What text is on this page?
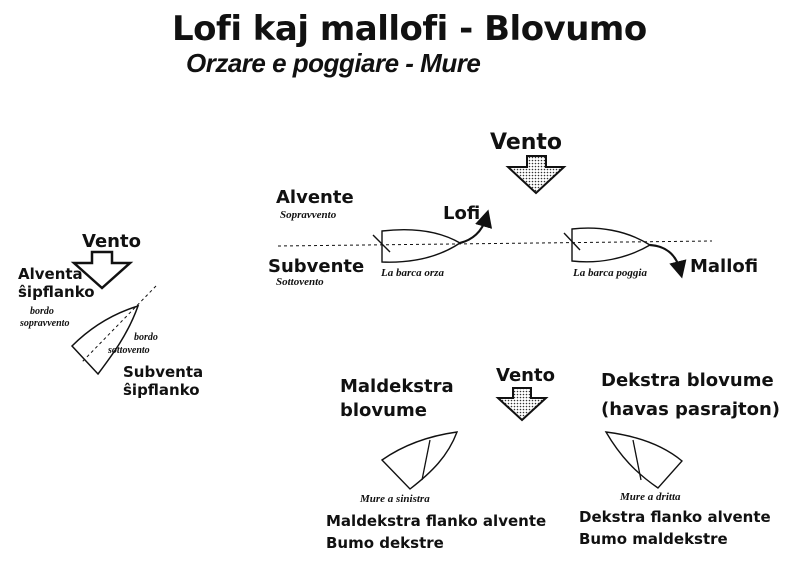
Lofi kaj mallofi - Blovumo
Orzare e poggiare - Mure
Vento
Alventa
ŝipflanko
bordo
sopravvento
bordo
sottovento
Subventa
ŝipflanko
Vento
Alvente
Sopravvento
Subvente
Sottovento
Lofi
La barca orza	Mallofi
La barca poggia
Vento
Maldekstra
blovume
Dekstra blovume
(havas pasrajton)
Mure a sinistra	Mure a dritta
Maldekstra flanko alvente
Bumo dekstre
Dekstra flanko alvente
Bumo maldekstre
